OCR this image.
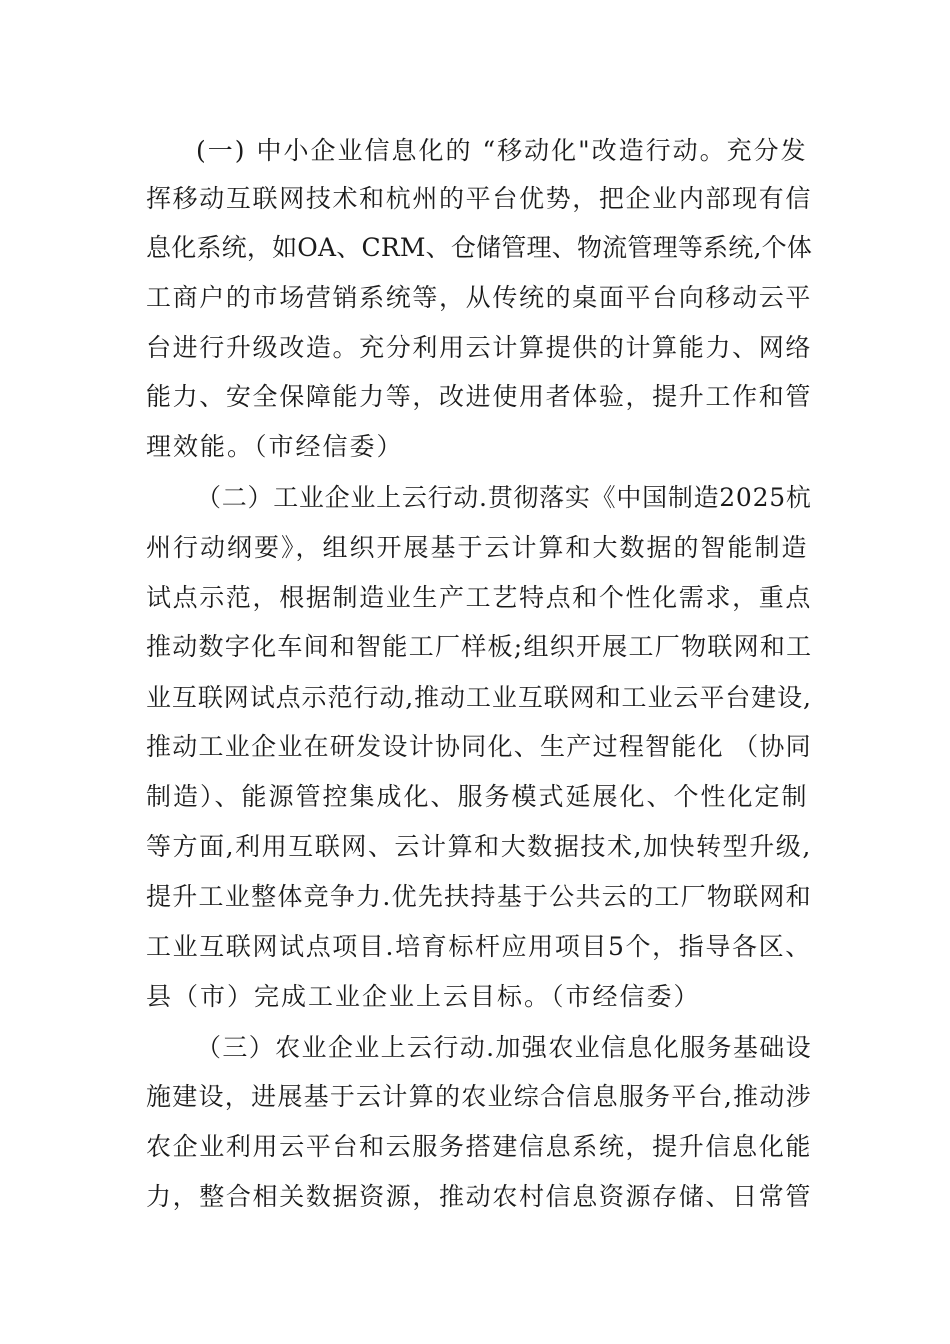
(一) 中小企业信息化的 “移动化"改造行动。充分发
挥移动互联网技术和杭州的平台优势，把企业内部现有信
息化系统，如OA、CRM、仓储管理、物流管理等系统,个体
工商户的市场营销系统等，从传统的桌面平台向移动云平
台进行升级改造。充分利用云计算提供的计算能力、网络
能力、安全保障能力等，改进使用者体验，提升工作和管
理效能。（市经信委）
（二）工业企业上云行动.贯彻落实《中国制造2025杭
州行动纲要》，组织开展基于云计算和大数据的智能制造
试点示范，根据制造业生产工艺特点和个性化需求，重点
推动数字化车间和智能工厂样板;组织开展工厂物联网和工
业互联网试点示范行动,推动工业互联网和工业云平台建设,
推动工业企业在研发设计协同化、生产过程智能化 （协同
制造）、能源管控集成化、服务模式延展化、个性化定制
等方面,利用互联网、云计算和大数据技术,加快转型升级,
提升工业整体竞争力.优先扶持基于公共云的工厂物联网和
工业互联网试点项目.培育标杆应用项目5个，指导各区、
县（市）完成工业企业上云目标。（市经信委）
（三）农业企业上云行动.加强农业信息化服务基础设
施建设，进展基于云计算的农业综合信息服务平台,推动涉
农企业利用云平台和云服务搭建信息系统，提升信息化能
力，整合相关数据资源，推动农村信息资源存储、日常管
